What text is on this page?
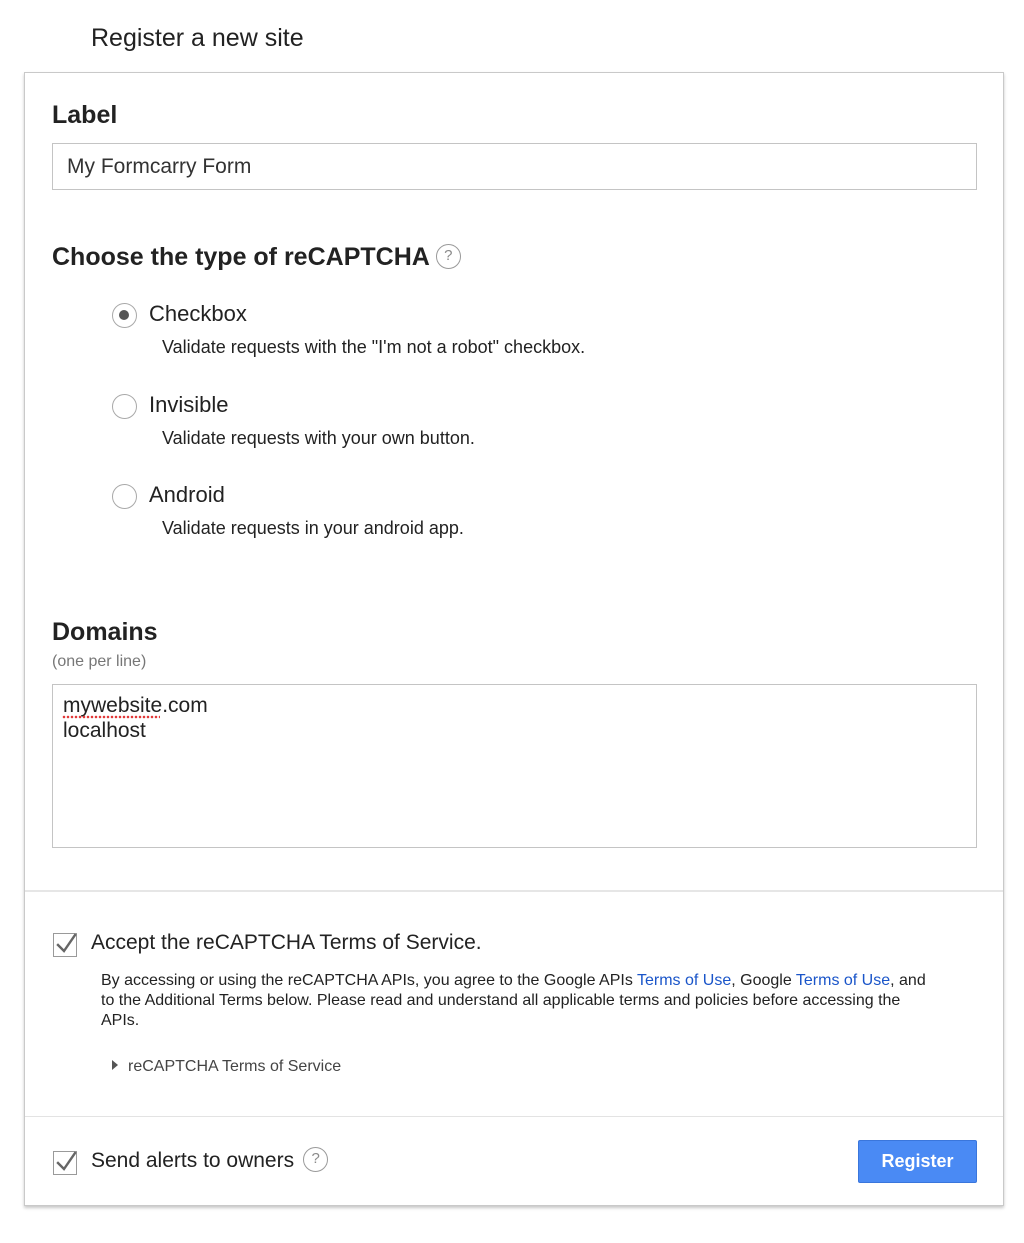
Register a new site
Label
My Formcarry Form
Choose the type of reCAPTCHA ?
Checkbox
Validate requests with the "I'm not a robot" checkbox.
Invisible
Validate requests with your own button.
Android
Validate requests in your android app.
Domains
(one per line)
mywebsite.com localhost
Accept the reCAPTCHA Terms of Service.
By accessing or using the reCAPTCHA APIs, you agree to the Google APIs Terms of Use, Google Terms of Use, and to the Additional Terms below. Please read and understand all applicable terms and policies before accessing the APIs.
reCAPTCHA Terms of Service
Send alerts to owners ?	Register
